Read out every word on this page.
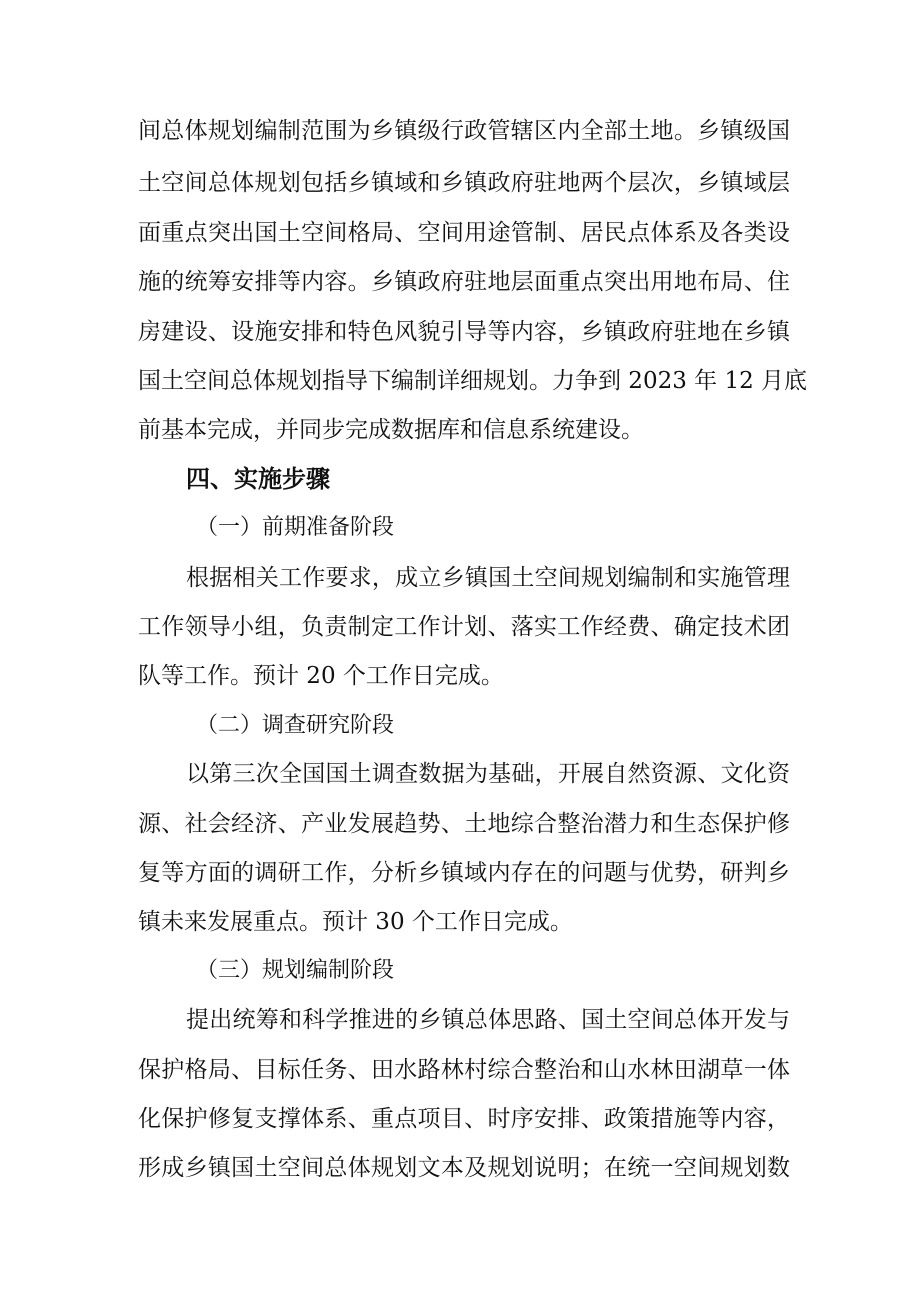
间总体规划编制范围为乡镇级行政管辖区内全部土地。乡镇级国
土空间总体规划包括乡镇域和乡镇政府驻地两个层次，乡镇域层
面重点突出国土空间格局、空间用途管制、居民点体系及各类设
施的统筹安排等内容。乡镇政府驻地层面重点突出用地布局、住
房建设、设施安排和特色风貌引导等内容，乡镇政府驻地在乡镇
国土空间总体规划指导下编制详细规划。力争到 2023 年 12 月底
前基本完成，并同步完成数据库和信息系统建设。
四、实施步骤
（一）前期准备阶段
根据相关工作要求，成立乡镇国土空间规划编制和实施管理
工作领导小组，负责制定工作计划、落实工作经费、确定技术团
队等工作。预计 20 个工作日完成。
（二）调查研究阶段
以第三次全国国土调查数据为基础，开展自然资源、文化资
源、社会经济、产业发展趋势、土地综合整治潜力和生态保护修
复等方面的调研工作，分析乡镇域内存在的问题与优势，研判乡
镇未来发展重点。预计 30 个工作日完成。
（三）规划编制阶段
提出统筹和科学推进的乡镇总体思路、国土空间总体开发与
保护格局、目标任务、田水路林村综合整治和山水林田湖草一体
化保护修复支撑体系、重点项目、时序安排、政策措施等内容，
形成乡镇国土空间总体规划文本及规划说明；在统一空间规划数
